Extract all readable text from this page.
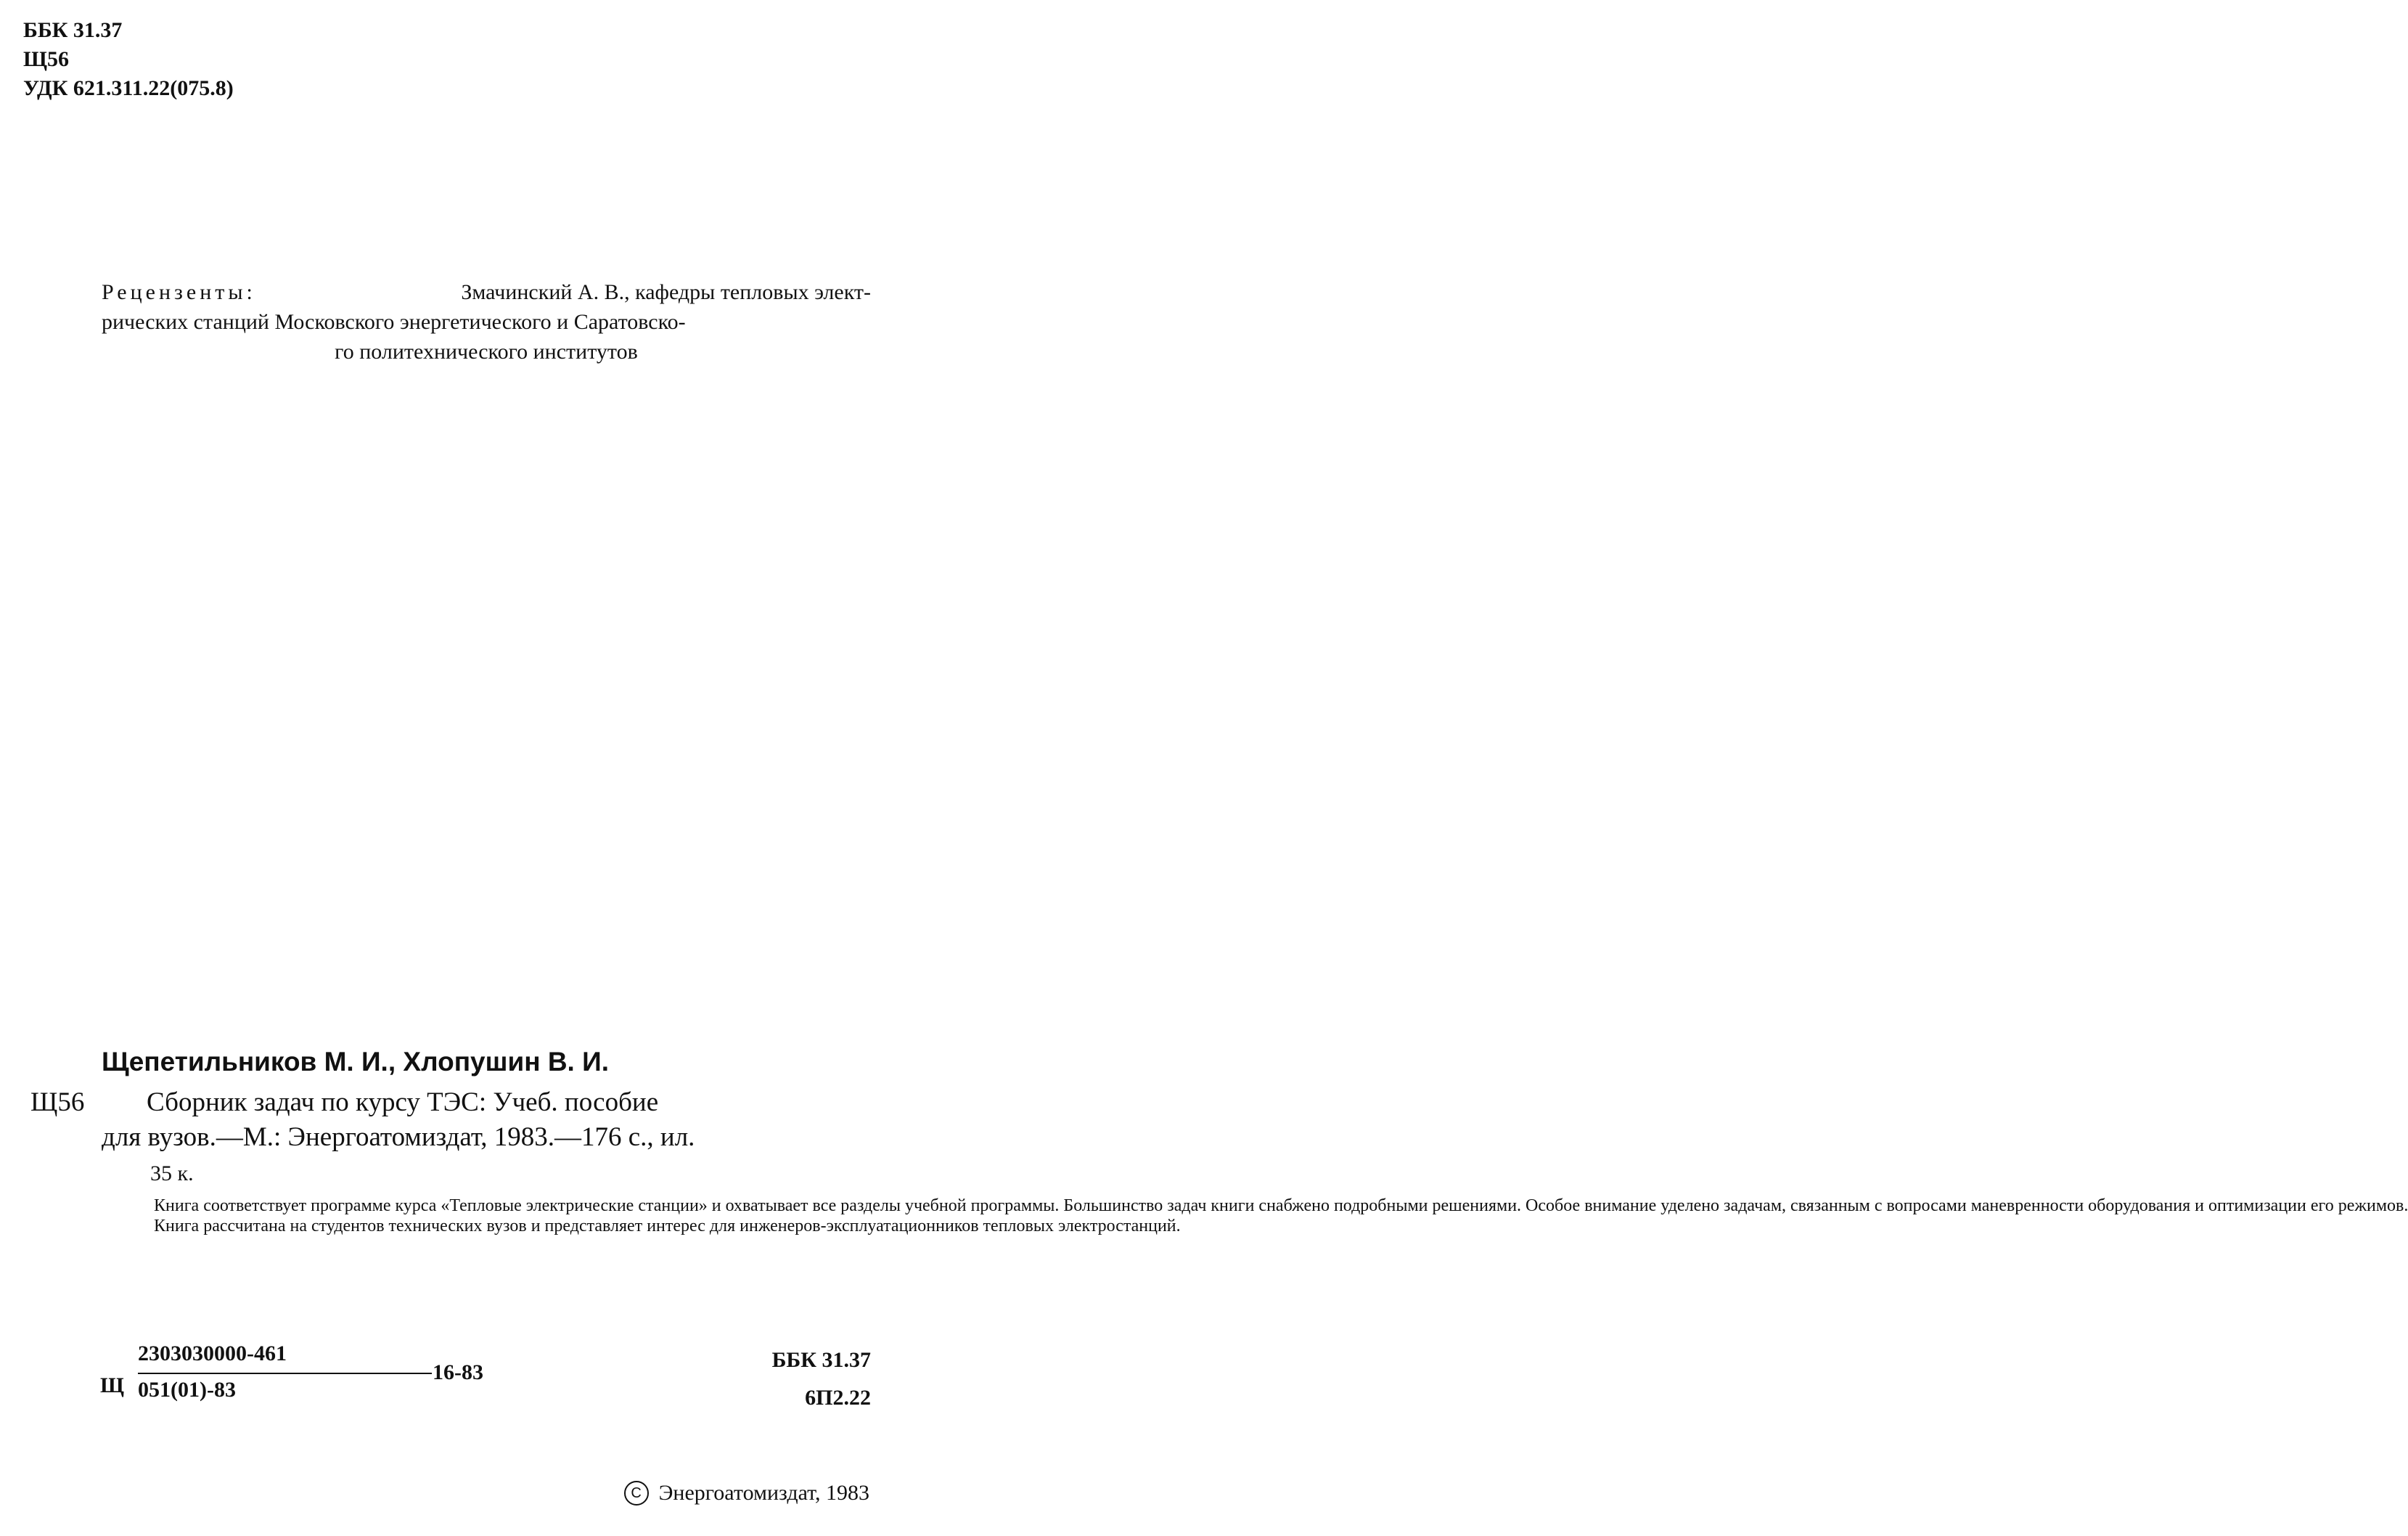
ББК 31.37
Щ56
УДК 621.311.22(075.8)
Рецензенты:	Змачинский А. В., кафедры тепловых элект-
рических станций Московского энергетического и Саратовско-
го политехнического институтов
Щепетильников М. И., Хлопушин В. И.
Щ56	Сборник задач по курсу ТЭС: Учеб. пособие
для вузов.—М.: Энергоатомиздат, 1983.—176 с., ил.
35 к.

Книга соответствует программе курса «Тепловые электрические станции» и охватывает все разделы учебной программы. Большинство задач книги снабжено подробными решениями. Особое внимание уделено задачам, связанным с вопросами маневренности оборудования и оптимизации его режимов.

Книга рассчитана на студентов технических вузов и представляет интерес для инженеров-эксплуатационников тепловых электростанций.

Щ
2303030000-461
051(01)-83
16-83
ББК 31.37
6П2.22
C Энергоатомиздат, 1983
